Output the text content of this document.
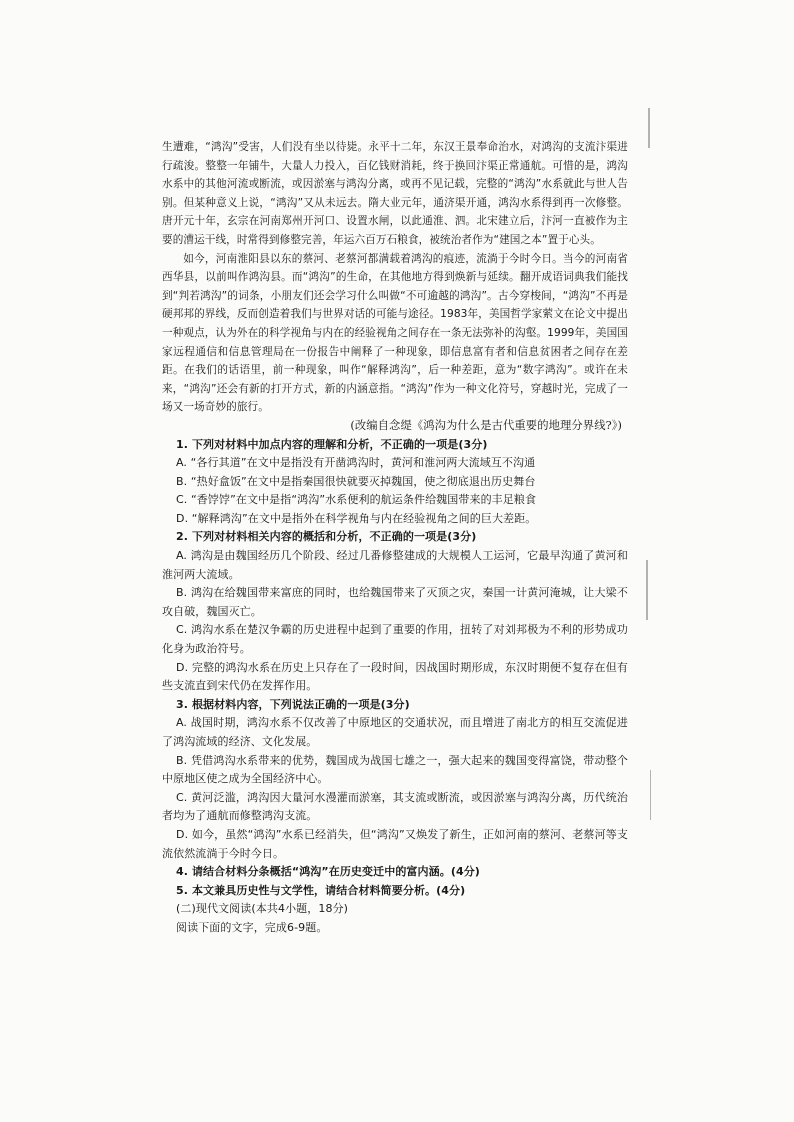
生遭难，“鸿沟”受害，人们没有坐以待毙。永平十二年，东汉王景奉命治水，对鸿沟的支流汴渠进行疏浚。整整一年铺牛，大量人力投入，百亿钱财消耗，终于换回汴渠正常通航。可惜的是，鸿沟水系中的其他河流或断流，或因淤塞与鸿沟分离，或再不见记载，完整的“鸿沟”水系就此与世人告别。但某种意义上说，“鸿沟”又从未远去。隋大业元年，通济渠开通，鸿沟水系得到再一次修整。唐开元十年，玄宗在河南郑州开河口、设置水闸，以此通淮、泗。北宋建立后，汴河一直被作为主要的漕运干线，时常得到修整完善，年运六百万石粮食，被统治者作为“建国之本”置于心头。

如今，河南淮阳县以东的蔡河、老蔡河都满载着鸿沟的痕迹，流淌于今时今日。当今的河南省西华县，以前叫作鸿沟县。而“鸿沟”的生命，在其他地方得到焕新与延续。翻开成语词典我们能找到“判若鸿沟”的词条，小朋友们还会学习什么叫做“不可逾越的鸿沟”。古今穿梭间，“鸿沟”不再是硬邦邦的界线，反而创造着我们与世界对话的可能与途径。1983年，美国哲学家萦文在论文中提出一种观点，认为外在的科学视角与内在的经验视角之间存在一条无法弥补的沟壑。1999年，美国国家远程通信和信息管理局在一份报告中阐释了一种现象，即信息富有者和信息贫困者之间存在差距。在我们的话语里，前一种现象，叫作“解释鸿沟”，后一种差距，意为“数字鸿沟”。或许在未来，“鸿沟”还会有新的打开方式，新的内涵意指。“鸿沟”作为一种文化符号，穿越时光，完成了一场又一场奇妙的旅行。

(改编自念缇《鸿沟为什么是古代重要的地理分界线?》)

1. 下列对材料中加点内容的理解和分析，不正确的一项是(3分)

A. “各行其道”在文中是指没有开凿鸿沟时，黄河和淮河两大流域互不沟通

B. “热好盒饭”在文中是指秦国很快就要灭掉魏国，使之彻底退出历史舞台

C. “香饽饽”在文中是指“鸿沟”水系便利的航运条件给魏国带来的丰足粮食

D. “解释鸿沟”在文中是指外在科学视角与内在经验视角之间的巨大差距。

2. 下列对材料相关内容的概括和分析，不正确的一项是(3分)

A. 鸿沟是由魏国经历几个阶段、经过几番修整建成的大规模人工运河，它最早沟通了黄河和淮河两大流域。

B. 鸿沟在给魏国带来富庶的同时，也给魏国带来了灭顶之灾，秦国一计黄河淹城，让大梁不攻自破，魏国灭亡。

C. 鸿沟水系在楚汉争霸的历史进程中起到了重要的作用，扭转了对刘邦极为不利的形势成功化身为政治符号。

D. 完整的鸿沟水系在历史上只存在了一段时间，因战国时期形成，东汉时期便不复存在但有些支流直到宋代仍在发挥作用。

3. 根据材料内容，下列说法正确的一项是(3分)

A. 战国时期，鸿沟水系不仅改善了中原地区的交通状况，而且增进了南北方的相互交流促进了鸿沟流域的经济、文化发展。

B. 凭借鸿沟水系带来的优势，魏国成为战国七雄之一，强大起来的魏国变得富饶，带动整个中原地区使之成为全国经济中心。

C. 黄河泛滥，鸿沟因大量河水漫灌而淤塞，其支流或断流，或因淤塞与鸿沟分离，历代统治者均为了通航而修整鸿沟支流。

D. 如今，虽然“鸿沟”水系已经消失，但“鸿沟”又焕发了新生，正如河南的蔡河、老蔡河等支流依然流淌于今时今日。

4. 请结合材料分条概括“鸿沟”在历史变迁中的富内涵。(4分)

5. 本文兼具历史性与文学性，请结合材料简要分析。(4分)

(二)现代文阅读(本共4小题，18分)

阅读下面的文字，完成6-9题。
